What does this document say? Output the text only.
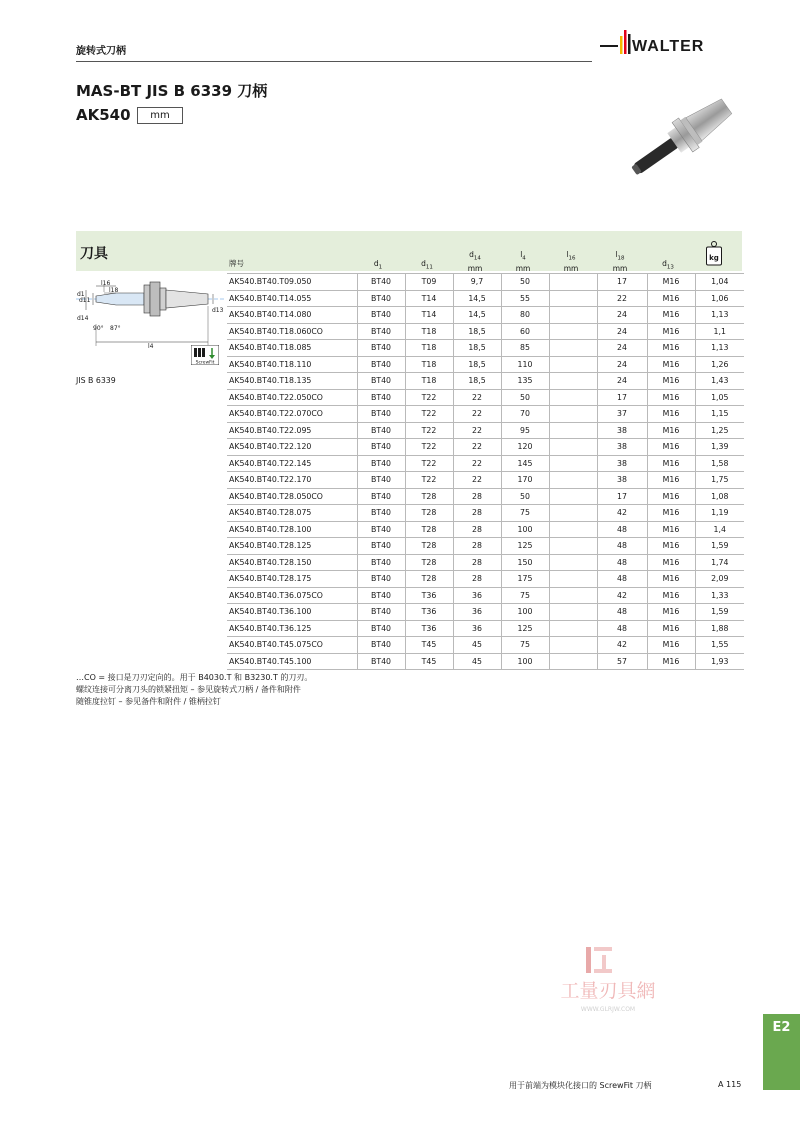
旋转式刀柄	WALTER
MAS-BT JIS B 6339 刀柄
AK540	mm
刀具
牌号	$d_1$	$d_{11}$
$d_{14}$
mm
$l_4$
mm
$l_{16}$
mm
$l_{18}$
mm	$d_{13}$
kg
l16
l18
d11
d1
d14
d13
90° 87°
l4
ScrewFit
JIS B 6339
AK540.BT40.T09.050	BT40	T09	9,7	50		17	M16	1,04
AK540.BT40.T14.055	BT40	T14	14,5	55		22	M16	1,06
AK540.BT40.T14.080	BT40	T14	14,5	80		24	M16	1,13
AK540.BT40.T18.060CO	BT40	T18	18,5	60		24	M16	1,1
AK540.BT40.T18.085	BT40	T18	18,5	85		24	M16	1,13
AK540.BT40.T18.110	BT40	T18	18,5	110		24	M16	1,26
AK540.BT40.T18.135	BT40	T18	18,5	135		24	M16	1,43
AK540.BT40.T22.050CO	BT40	T22	22	50		17	M16	1,05
AK540.BT40.T22.070CO	BT40	T22	22	70		37	M16	1,15
AK540.BT40.T22.095	BT40	T22	22	95		38	M16	1,25
AK540.BT40.T22.120	BT40	T22	22	120		38	M16	1,39
AK540.BT40.T22.145	BT40	T22	22	145		38	M16	1,58
AK540.BT40.T22.170	BT40	T22	22	170		38	M16	1,75
AK540.BT40.T28.050CO	BT40	T28	28	50		17	M16	1,08
AK540.BT40.T28.075	BT40	T28	28	75		42	M16	1,19
AK540.BT40.T28.100	BT40	T28	28	100		48	M16	1,4
AK540.BT40.T28.125	BT40	T28	28	125		48	M16	1,59
AK540.BT40.T28.150	BT40	T28	28	150		48	M16	1,74
AK540.BT40.T28.175	BT40	T28	28	175		48	M16	2,09
AK540.BT40.T36.075CO	BT40	T36	36	75		42	M16	1,33
AK540.BT40.T36.100	BT40	T36	36	100		48	M16	1,59
AK540.BT40.T36.125	BT40	T36	36	125		48	M16	1,88
AK540.BT40.T45.075CO	BT40	T45	45	75		42	M16	1,55
AK540.BT40.T45.100	BT40	T45	45	100		57	M16	1,93
…CO = 接口是刀刃定向的。用于 B4030.T 和 B3230.T 的刀刃。
螺纹连接可分离刀头的锁紧扭矩 – 参见旋转式刀柄 / 备件和附件
随锥度拉钉 – 参见备件和附件 / 锥柄拉钉
工量刃具網
WWW.GLRJW.COM
E2
用于前端为模块化接口的 ScrewFit 刀柄	A 115
